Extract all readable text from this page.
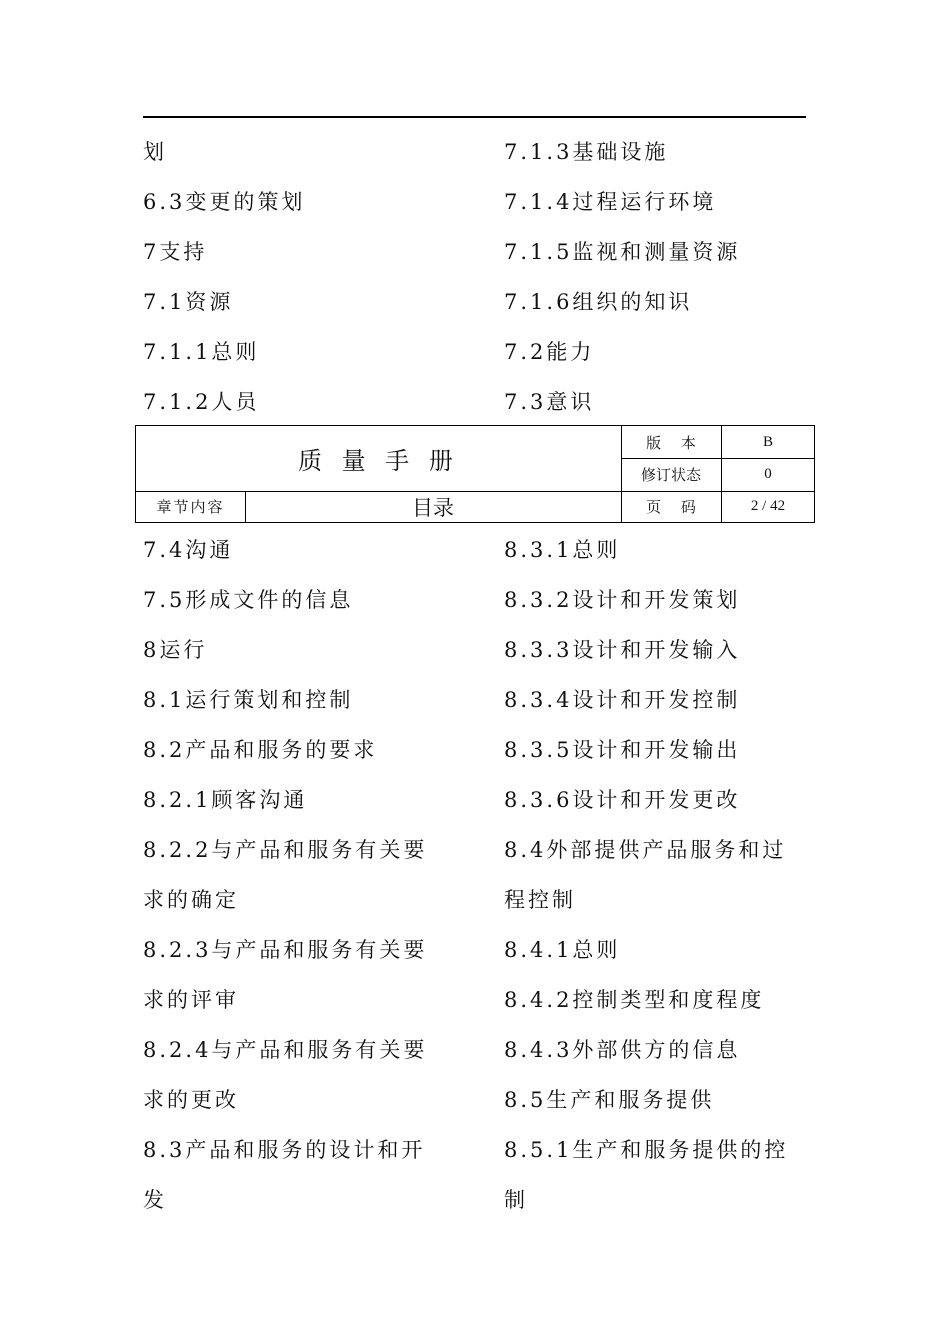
划
6.3变更的策划
7支持
7.1资源
7.1.1总则
7.1.2人员
7.1.3基础设施
7.1.4过程运行环境
7.1.5监视和测量资源
7.1.6组织的知识
7.2能力
7.3意识
质 量 手 册
版　 本	B
修订状态	0
章节内容	目录	页　 码	2 / 42
7.4沟通
7.5形成文件的信息
8运行
8.1运行策划和控制
8.2产品和服务的要求
8.2.1顾客沟通
8.2.2与产品和服务有关要
求的确定
8.2.3与产品和服务有关要
求的评审
8.2.4与产品和服务有关要
求的更改
8.3产品和服务的设计和开
发
8.3.1总则
8.3.2设计和开发策划
8.3.3设计和开发输入
8.3.4设计和开发控制
8.3.5设计和开发输出
8.3.6设计和开发更改
8.4外部提供产品服务和过
程控制
8.4.1总则
8.4.2控制类型和度程度
8.4.3外部供方的信息
8.5生产和服务提供
8.5.1生产和服务提供的控
制
